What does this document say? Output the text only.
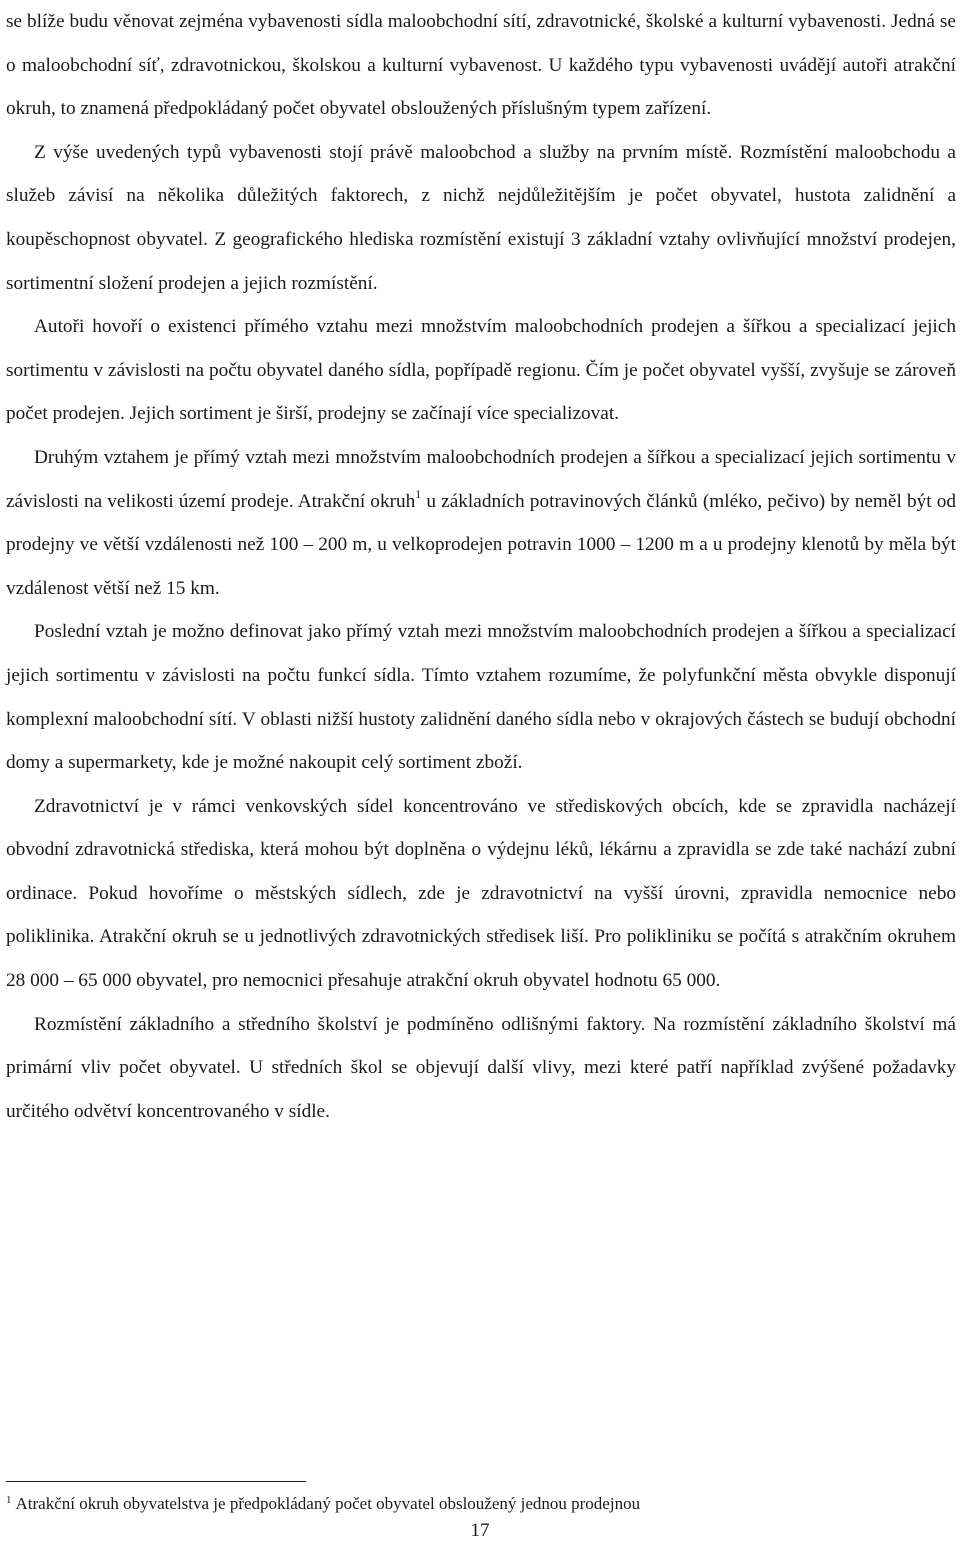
se blíže budu věnovat zejména vybavenosti sídla maloobchodní sítí, zdravotnické, školské a kulturní vybavenosti. Jedná se o maloobchodní síť, zdravotnickou, školskou a kulturní vybavenost. U každého typu vybavenosti uvádějí autoři atrakční okruh, to znamená předpokládaný počet obyvatel obsloužených příslušným typem zařízení.

Z výše uvedených typů vybavenosti stojí právě maloobchod a služby na prvním místě. Rozmístění maloobchodu a služeb závisí na několika důležitých faktorech, z nichž nejdůležitějším je počet obyvatel, hustota zalidnění a koupěschopnost obyvatel. Z geografického hlediska rozmístění existují 3 základní vztahy ovlivňující množství prodejen, sortimentní složení prodejen a jejich rozmístění.

Autoři hovoří o existenci přímého vztahu mezi množstvím maloobchodních prodejen a šířkou a specializací jejich sortimentu v závislosti na počtu obyvatel daného sídla, popřípadě regionu. Čím je počet obyvatel vyšší, zvyšuje se zároveň počet prodejen. Jejich sortiment je širší, prodejny se začínají více specializovat.

Druhým vztahem je přímý vztah mezi množstvím maloobchodních prodejen a šířkou a specializací jejich sortimentu v závislosti na velikosti území prodeje. Atrakční okruh$^1$ u základních potravinových článků (mléko, pečivo) by neměl být od prodejny ve větší vzdálenosti než 100 – 200 m, u velkoprodejen potravin 1000 – 1200 m a u prodejny klenotů by měla být vzdálenost větší než 15 km.

Poslední vztah je možno definovat jako přímý vztah mezi množstvím maloobchodních prodejen a šířkou a specializací jejich sortimentu v závislosti na počtu funkcí sídla. Tímto vztahem rozumíme, že polyfunkční města obvykle disponují komplexní maloobchodní sítí. V oblasti nižší hustoty zalidnění daného sídla nebo v okrajových částech se budují obchodní domy a supermarkety, kde je možné nakoupit celý sortiment zboží.

Zdravotnictví je v rámci venkovských sídel koncentrováno ve střediskových obcích, kde se zpravidla nacházejí obvodní zdravotnická střediska, která mohou být doplněna o výdejnu léků, lékárnu a zpravidla se zde také nachází zubní ordinace. Pokud hovoříme o městských sídlech, zde je zdravotnictví na vyšší úrovni, zpravidla nemocnice nebo poliklinika. Atrakční okruh se u jednotlivých zdravotnických středisek liší. Pro polikliniku se počítá s atrakčním okruhem 28 000 – 65 000 obyvatel, pro nemocnici přesahuje atrakční okruh obyvatel hodnotu 65 000.

Rozmístění základního a středního školství je podmíněno odlišnými faktory. Na rozmístění základního školství má primární vliv počet obyvatel. U středních škol se objevují další vlivy, mezi které patří například zvýšené požadavky určitého odvětví koncentrovaného v sídle.

$^1$ Atrakční okruh obyvatelstva je předpokládaný počet obyvatel obsloužený jednou prodejnou
17
